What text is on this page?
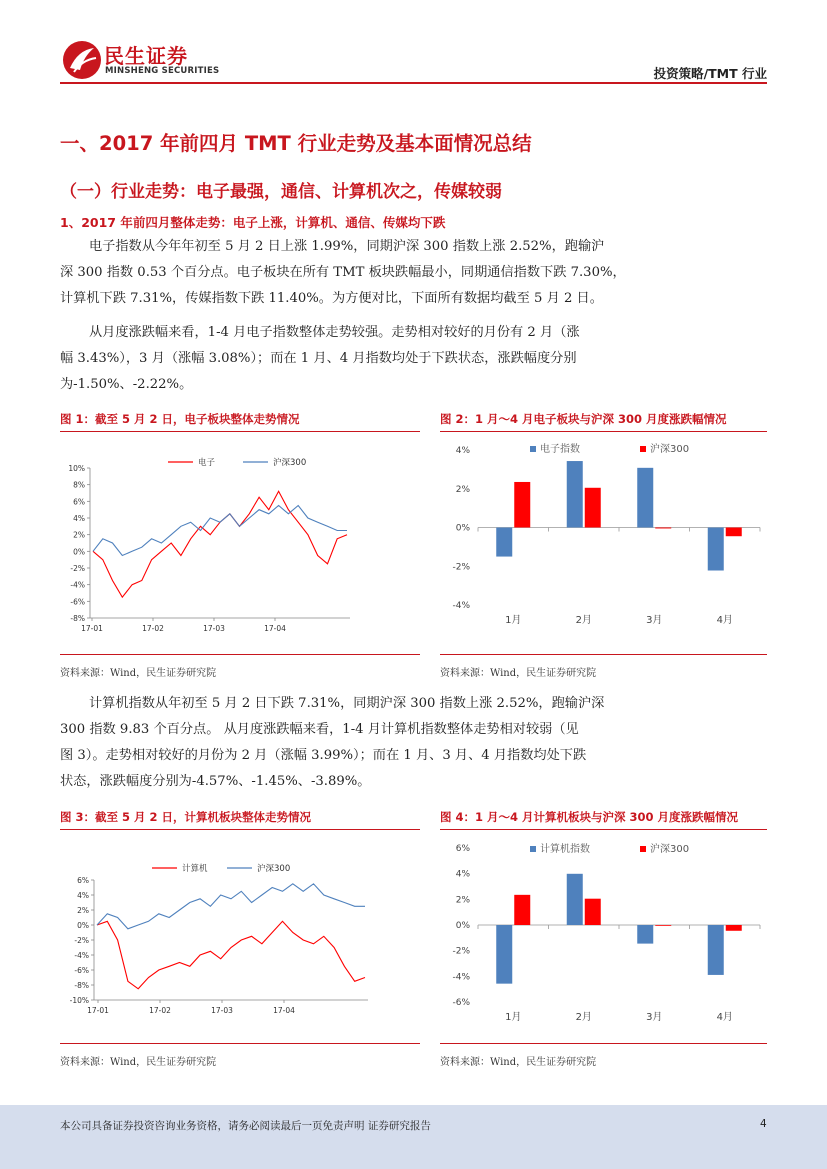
民生证券
MINSHENG SECURITIES	投资策略/TMT 行业
一、2017 年前四月 TMT 行业走势及基本面情况总结
（一）行业走势：电子最强，通信、计算机次之，传媒较弱
1、2017 年前四月整体走势：电子上涨，计算机、通信、传媒均下跌
电子指数从今年年初至 5 月 2 日上涨 1.99%，同期沪深 300 指数上涨 2.52%，跑输沪
深 300 指数 0.53 个百分点。电子板块在所有 TMT 板块跌幅最小，同期通信指数下跌 7.30%，
计算机下跌 7.31%，传媒指数下跌 11.40%。为方便对比，下面所有数据均截至 5 月 2 日。
从月度涨跌幅来看，1-4 月电子指数整体走势较强。走势相对较好的月份有 2 月（涨
幅 3.43%），3 月（涨幅 3.08%）；而在 1 月、4 月指数均处于下跌状态，涨跌幅度分别
为-1.50%、-2.22%。
图 1：截至 5 月 2 日，电子板块整体走势情况	图 2：1 月～4 月电子板块与沪深 300 月度涨跌幅情况
10%
8%
6%
4%
2%
0%
-2%
-4%
-6%
-8%
17-01	17-02	17-03	17-04
电子	沪深300
4%
2%
0%
-2%
-4%
1月	2月	3月	4月
电子指数	沪深300
资料来源：Wind，民生证券研究院	资料来源：Wind，民生证券研究院
计算机指数从年初至 5 月 2 日下跌 7.31%，同期沪深 300 指数上涨 2.52%，跑输沪深
300 指数 9.83 个百分点。 从月度涨跌幅来看，1-4 月计算机指数整体走势相对较弱（见
图 3）。走势相对较好的月份为 2 月（涨幅 3.99%）；而在 1 月、3 月、4 月指数均处下跌
状态，涨跌幅度分别为-4.57%、-1.45%、-3.89%。
图 3：截至 5 月 2 日，计算机板块整体走势情况	图 4：1 月～4 月计算机板块与沪深 300 月度涨跌幅情况
6%
4%
2%
0%
-2%
-4%
-6%
-8%
-10%
17-01	17-02	17-03	17-04
计算机	沪深300
6%
4%
2%
0%
-2%
-4%
-6%
1月	2月	3月	4月
计算机指数	沪深300
资料来源：Wind，民生证券研究院	资料来源：Wind，民生证券研究院
本公司具备证券投资咨询业务资格，请务必阅读最后一页免责声明 证券研究报告	4
